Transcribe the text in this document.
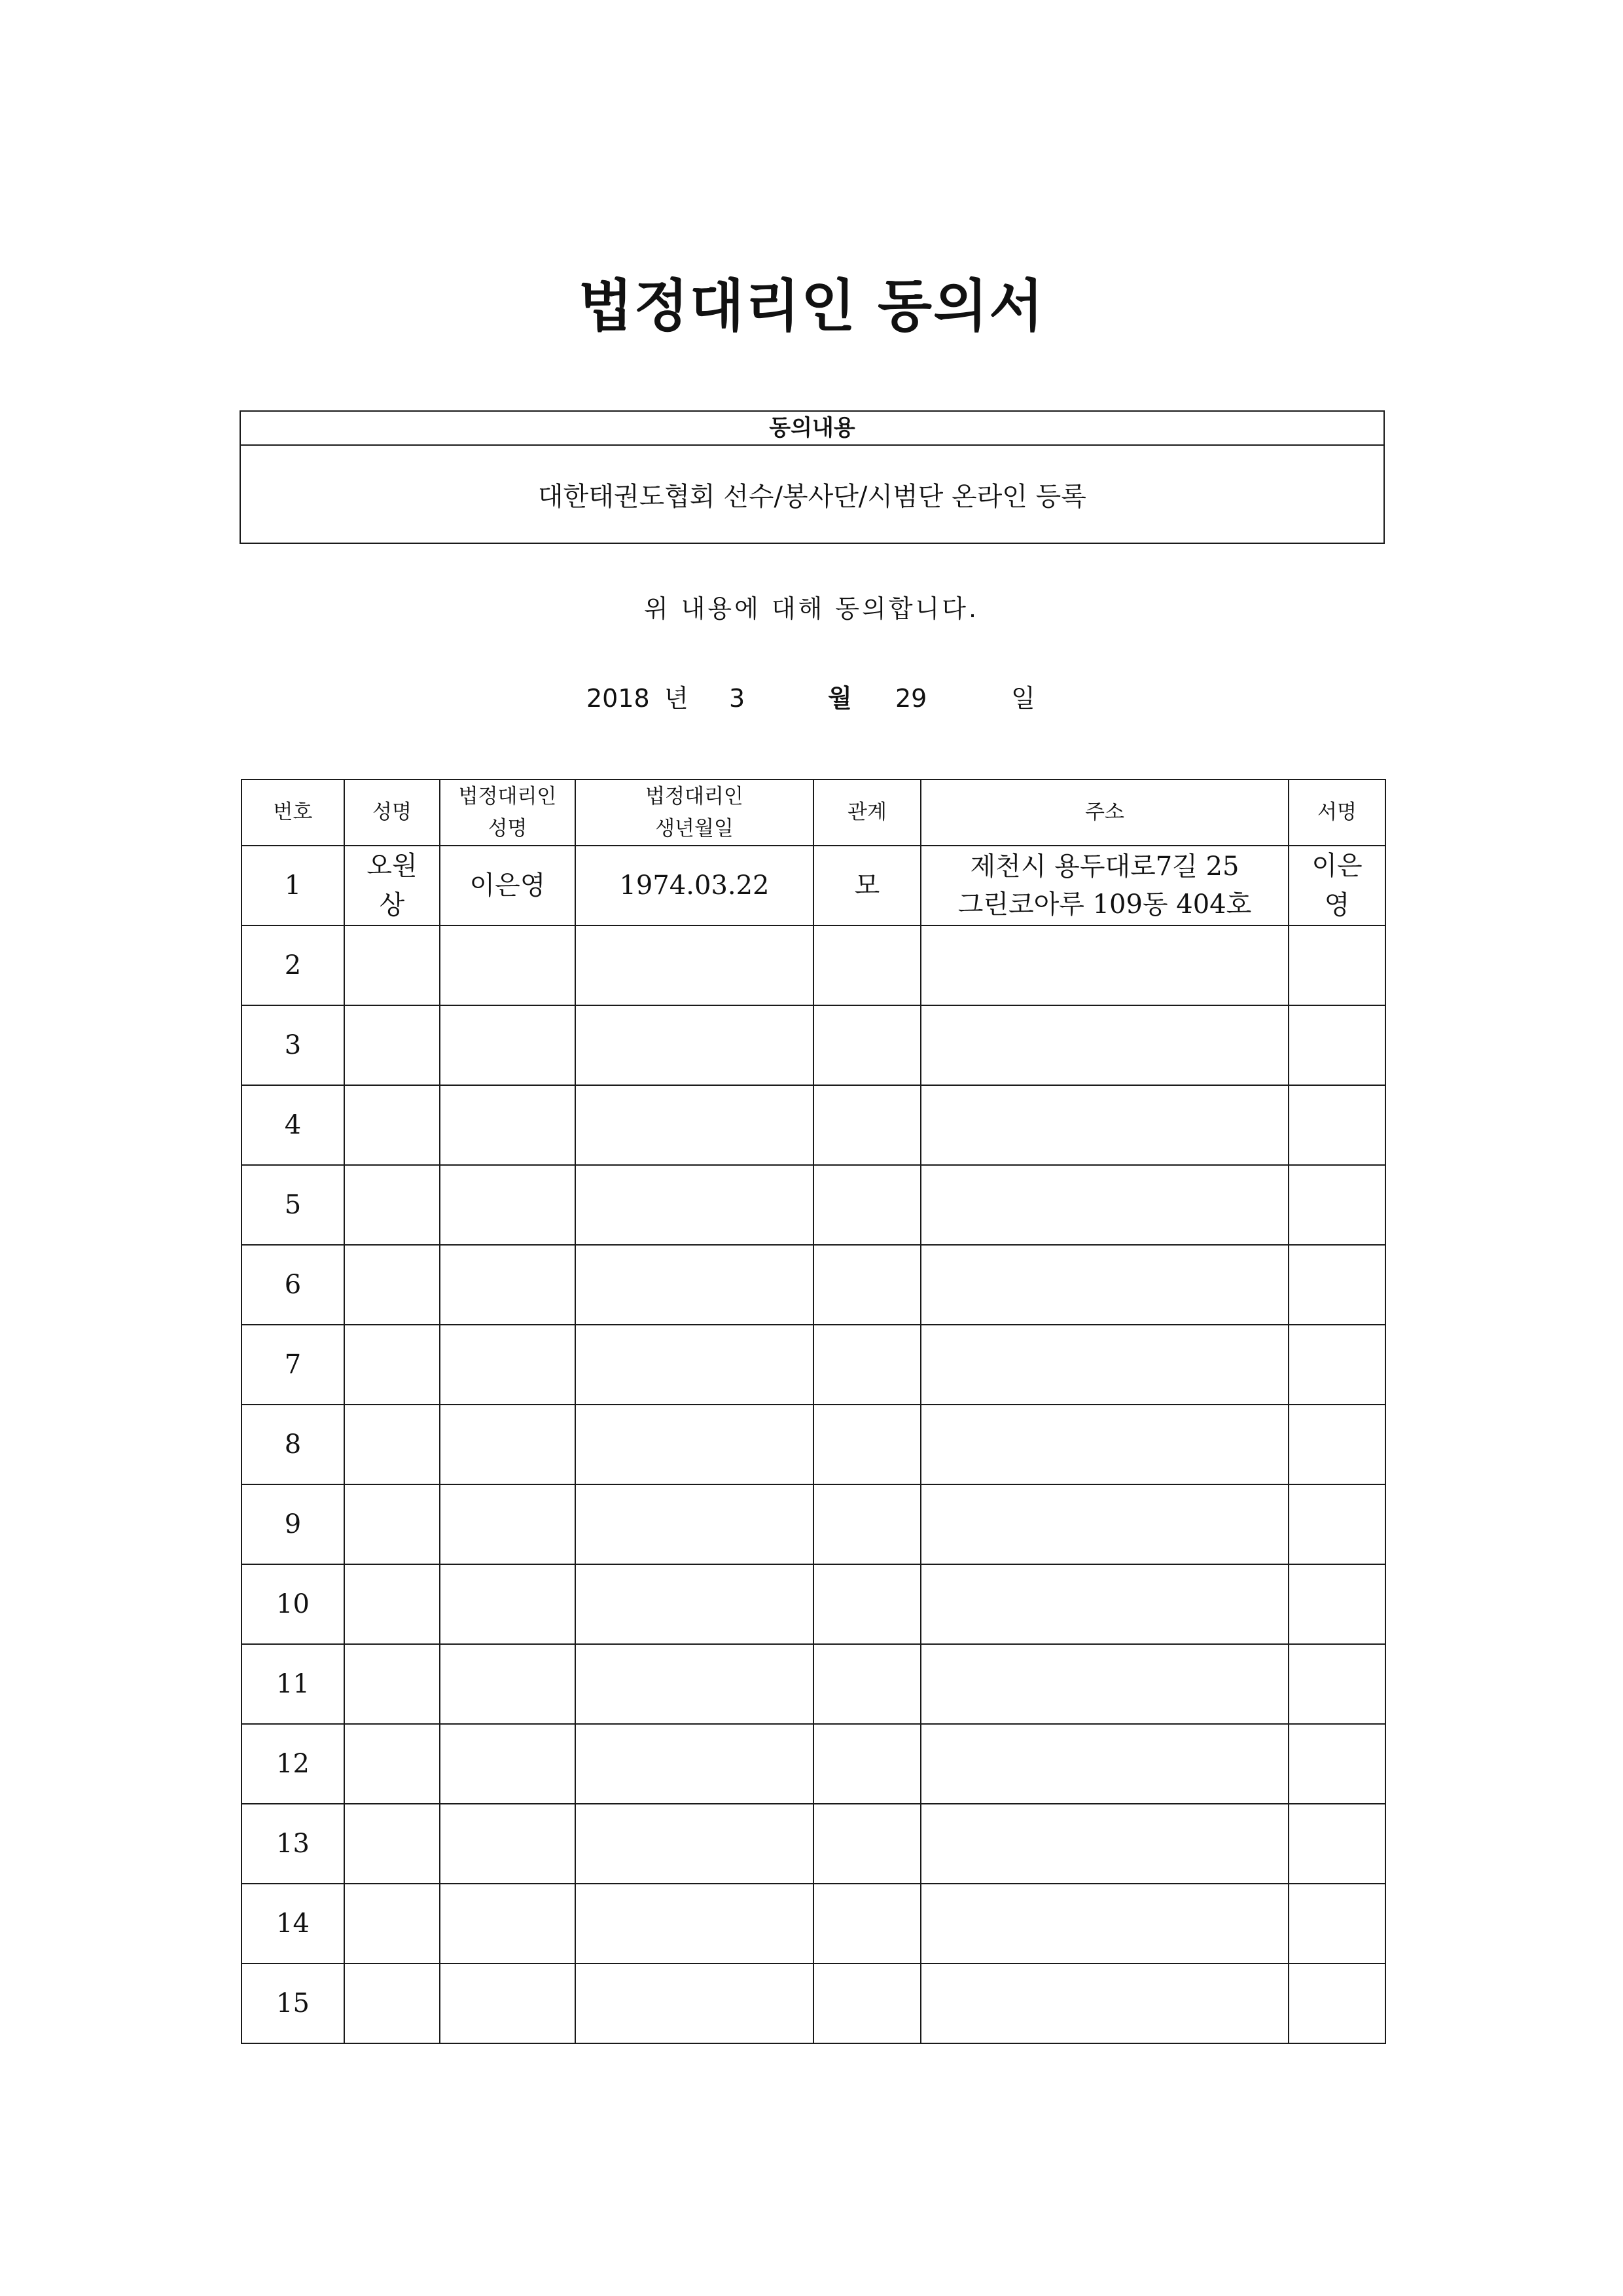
법정대리인 동의서
동의내용
대한태권도협회 선수/봉사단/시범단 온라인 등록
위 내용에 대해 동의합니다.
2018 년 3	월 29	일
번호	성명	법정대리인 성명	법정대리인 생년월일	관계	주소	서명
1	오원상	이은영	1974.03.22	모	제천시 용두대로7길 25 그린코아루 109동 404호	이은영
2						
3						
4						
5						
6						
7						
8						
9						
10						
11						
12						
13						
14						
15						
